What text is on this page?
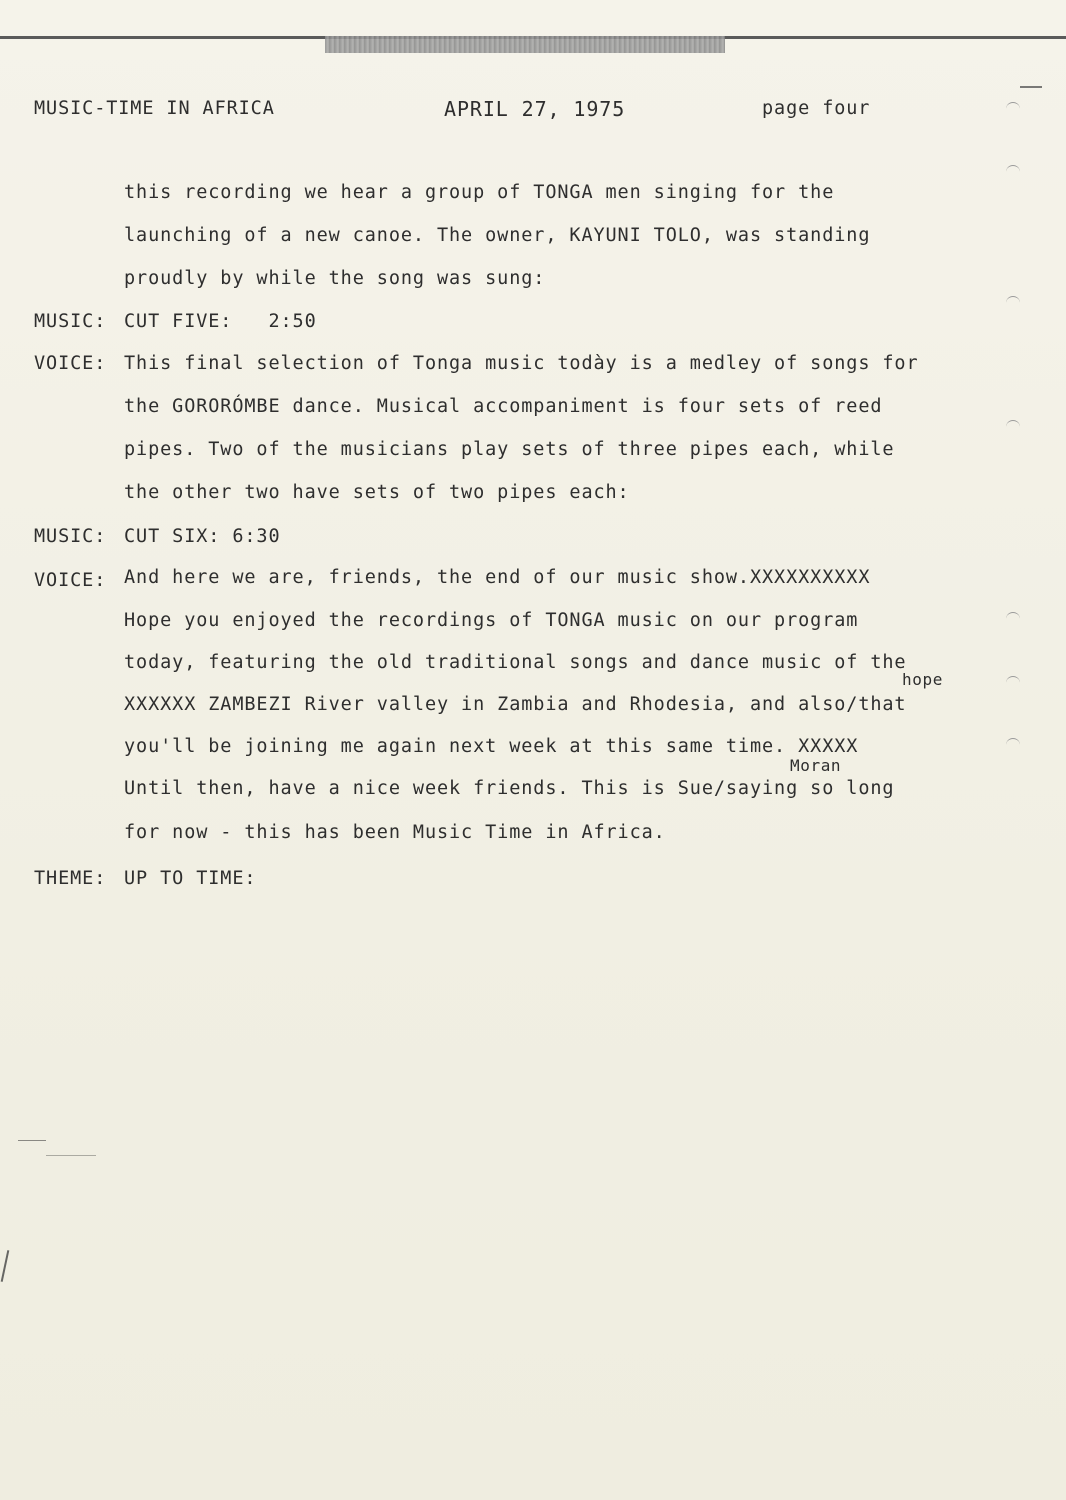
MUSIC-TIME IN AFRICA	APRIL 27, 1975	page four
this recording we hear a group of TONGA men singing for the
launching of a new canoe. The owner, KAYUNI TOLO, was standing
proudly by while the song was sung:
MUSIC: CUT FIVE:   2:50
VOICE: This final selection of Tonga music todày is a medley of songs for
the GORORÓMBE dance. Musical accompaniment is four sets of reed
pipes. Two of the musicians play sets of three pipes each, while
the other two have sets of two pipes each:
MUSIC: CUT SIX: 6:30
VOICE: And here we are, friends, the end of our music show.XXXXXXXXXX
Hope you enjoyed the recordings of TONGA music on our program
today, featuring the old traditional songs and dance music of the
hope
XXXXXX ZAMBEZI River valley in Zambia and Rhodesia, and also/that
you'll be joining me again next week at this same time. XXXXX
Moran
Until then, have a nice week friends. This is Sue/saying so long
for now - this has been Music Time in Africa.
THEME: UP TO TIME:
